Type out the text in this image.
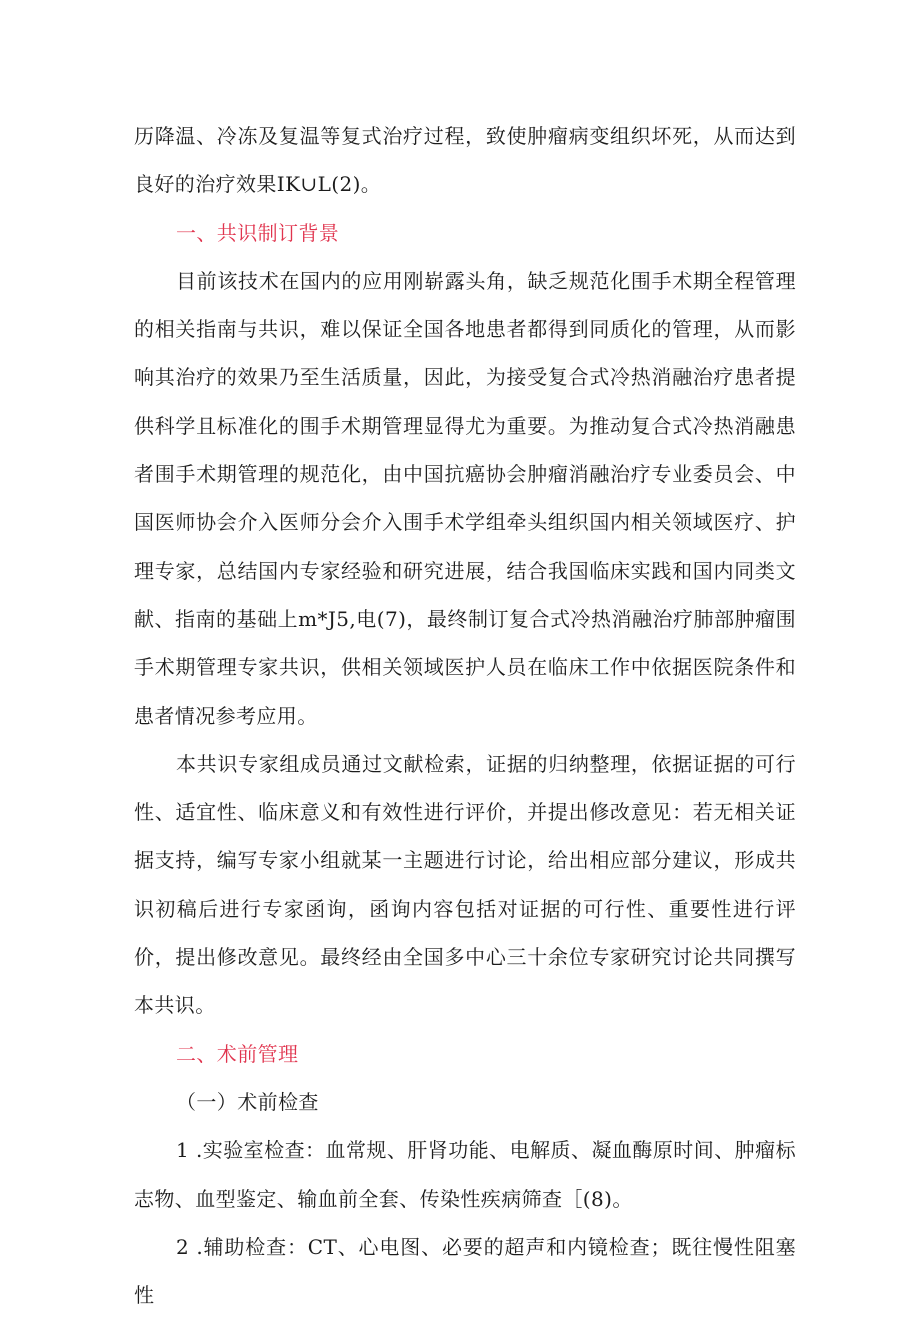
历降温、冷冻及复温等复式治疗过程，致使肿瘤病变组织坏死，从而达到良好的治疗效果IΚ∪L(2)。

一、共识制订背景

目前该技术在国内的应用刚崭露头角，缺乏规范化围手术期全程管理的相关指南与共识，难以保证全国各地患者都得到同质化的管理，从而影响其治疗的效果乃至生活质量，因此，为接受复合式冷热消融治疗患者提供科学且标准化的围手术期管理显得尤为重要。为推动复合式冷热消融患者围手术期管理的规范化，由中国抗癌协会肿瘤消融治疗专业委员会、中国医师协会介入医师分会介入围手术学组牵头组织国内相关领域医疗、护理专家，总结国内专家经验和研究进展，结合我国临床实践和国内同类文献、指南的基础上m*J5,电(7)，最终制订复合式冷热消融治疗肺部肿瘤围手术期管理专家共识，供相关领域医护人员在临床工作中依据医院条件和患者情况参考应用。

本共识专家组成员通过文献检索，证据的归纳整理，依据证据的可行性、适宜性、临床意义和有效性进行评价，并提出修改意见：若无相关证据支持，编写专家小组就某一主题进行讨论，给出相应部分建议，形成共识初稿后进行专家函询，函询内容包括对证据的可行性、重要性进行评价，提出修改意见。最终经由全国多中心三十余位专家研究讨论共同撰写本共识。

二、术前管理

（一）术前检查

1 .实验室检查：血常规、肝肾功能、电解质、凝血酶原时间、肿瘤标志物、血型鉴定、输血前全套、传染性疾病筛查［(8)。

2 .辅助检查：CT、心电图、必要的超声和内镜检查；既往慢性阻塞性
